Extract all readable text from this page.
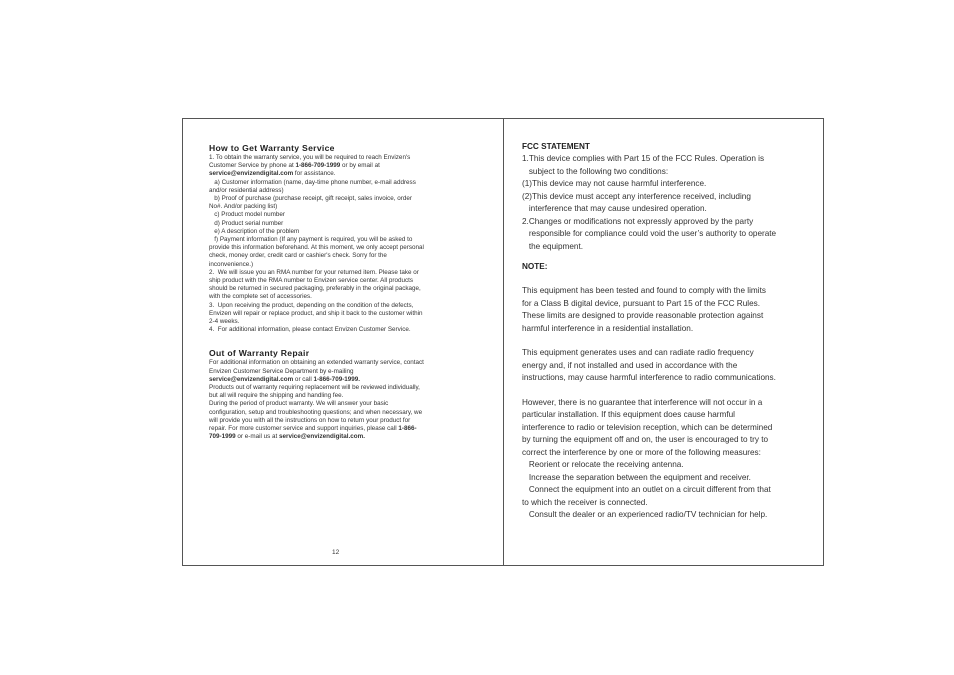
How to Get Warranty Service

1. To obtain the warranty service, you will be required to reach Envizen's

Customer Service by phone at 1-866-709-1999 or by email at

service@envizendigital.com for assistance.

a) Customer information (name, day-time phone number, e-mail address

and/or residential address)

b) Proof of purchase (purchase receipt, gift receipt, sales invoice, order

No#. And/or packing list)

c) Product model number

d) Product serial number

e) A description of the problem

f) Payment information (If any payment is required, you will be asked to

provide this information beforehand. At this moment, we only accept personal

check, money order, credit card or cashier's check. Sorry for the

inconvenience.)

2.  We will issue you an RMA number for your returned item. Please take or

ship product with the RMA number to Envizen service center. All products

should be returned in secured packaging, preferably in the original package,

with the complete set of accessories.

3.  Upon receiving the product, depending on the condition of the defects,

Envizen will repair or replace product, and ship it back to the customer within

2-4 weeks.

4.  For additional information, please contact Envizen Customer Service.

Out of Warranty Repair

For additional information on obtaining an extended warranty service, contact

Envizen Customer Service Department by e-mailing

service@envizendigital.com or call 1-866-709-1999.

Products out of warranty requiring replacement will be reviewed individually,

but all will require the shipping and handling fee.

During the period of product warranty. We will answer your basic

configuration, setup and troubleshooting questions; and when necessary, we

will provide you with all the instructions on how to return your product for

repair. For more customer service and support inquiries, please call 1-866-

709-1999 or e-mail us at service@envizendigital.com.

12

FCC STATEMENT

1.This device complies with Part 15 of the FCC Rules. Operation is

subject to the following two conditions:

(1)This device may not cause harmful interference.

(2)This device must accept any interference received, including

interference that may cause undesired operation.

2.Changes or modifications not expressly approved by the party

responsible for compliance could void the user’s authority to operate

the equipment.

NOTE:

This equipment has been tested and found to comply with the limits

for a Class B digital device, pursuant to Part 15 of the FCC Rules.

These limits are designed to provide reasonable protection against

harmful interference in a residential installation.

This equipment generates uses and can radiate radio frequency

energy and, if not installed and used in accordance with the

instructions, may cause harmful interference to radio communications.

However, there is no guarantee that interference will not occur in a

particular installation. If this equipment does cause harmful

interference to radio or television reception, which can be determined

by turning the equipment off and on, the user is encouraged to try to

correct the interference by one or more of the following measures:

Reorient or relocate the receiving antenna.

Increase the separation between the equipment and receiver.

Connect the equipment into an outlet on a circuit different from that

to which the receiver is connected.

Consult the dealer or an experienced radio/TV technician for help.
